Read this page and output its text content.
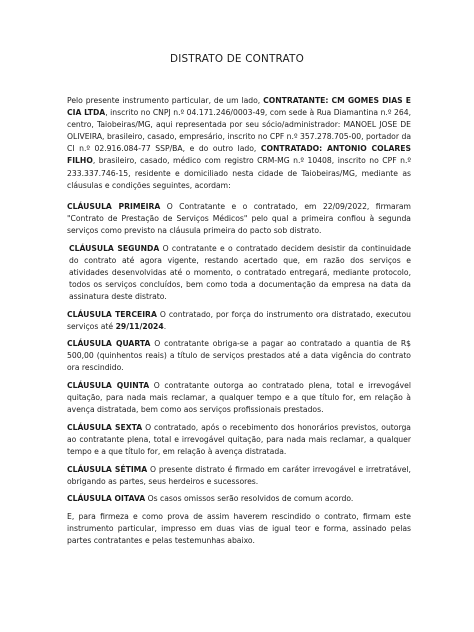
DISTRATO DE CONTRATO

Pelo presente instrumento particular, de um lado, CONTRATANTE: CM GOMES DIAS E CIA LTDA, inscrito no CNPJ n.º 04.171.246/0003-49, com sede à Rua Diamantina n.º 264, centro, Taiobeiras/MG, aqui representada por seu sócio/administrador: MANOEL JOSE DE OLIVEIRA, brasileiro, casado, empresário, inscrito no CPF n.º 357.278.705-00, portador da CI n.º 02.916.084-77 SSP/BA, e do outro lado, CONTRATADO: ANTONIO COLARES FILHO, brasileiro, casado, médico com registro CRM-MG n.º 10408, inscrito no CPF n.º 233.337.746-15, residente e domiciliado nesta cidade de Taiobeiras/MG, mediante as cláusulas e condições seguintes, acordam:

CLÁUSULA PRIMEIRA O Contratante e o contratado, em 22/09/2022, firmaram "Contrato de Prestação de Serviços Médicos" pelo qual a primeira confiou à segunda serviços como previsto na cláusula primeira do pacto sob distrato.

CLÁUSULA SEGUNDA O contratante e o contratado decidem desistir da continuidade do contrato até agora vigente, restando acertado que, em razão dos serviços e atividades desenvolvidas até o momento, o contratado entregará, mediante protocolo, todos os serviços concluídos, bem como toda a documentação da empresa na data da assinatura deste distrato.

CLÁUSULA TERCEIRA O contratado, por força do instrumento ora distratado, executou serviços até 29/11/2024.

CLÁUSULA QUARTA O contratante obriga-se a pagar ao contratado a quantia de R$ 500,00 (quinhentos reais) a título de serviços prestados até a data vigência do contrato ora rescindido.

CLÁUSULA QUINTA O contratante outorga ao contratado plena, total e irrevogável quitação, para nada mais reclamar, a qualquer tempo e a que título for, em relação à avença distratada, bem como aos serviços profissionais prestados.

CLÁUSULA SEXTA O contratado, após o recebimento dos honorários previstos, outorga ao contratante plena, total e irrevogável quitação, para nada mais reclamar, a qualquer tempo e a que título for, em relação à avença distratada.

CLÁUSULA SÉTIMA O presente distrato é firmado em caráter irrevogável e irretratável, obrigando as partes, seus herdeiros e sucessores.

CLÁUSULA OITAVA Os casos omissos serão resolvidos de comum acordo.

E, para firmeza e como prova de assim haverem rescindido o contrato, firmam este instrumento particular, impresso em duas vias de igual teor e forma, assinado pelas partes contratantes e pelas testemunhas abaixo.
